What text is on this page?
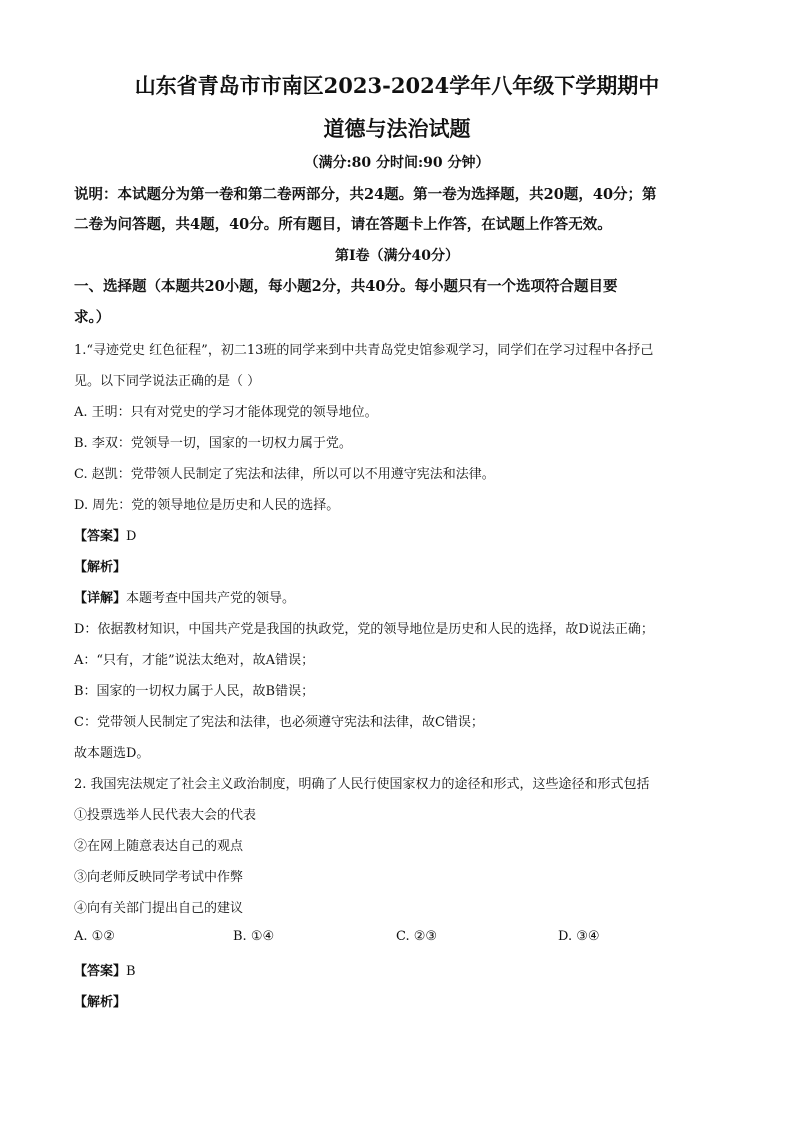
山东省青岛市市南区2023-2024学年八年级下学期期中
道德与法治试题
（满分:80 分时间:90 分钟）
说明：本试题分为第一卷和第二卷两部分，共24题。第一卷为选择题，共20题，40分；第
二卷为问答题，共4题，40分。所有题目，请在答题卡上作答，在试题上作答无效。
第Ⅰ卷（满分40分）
一、选择题（本题共20小题，每小题2分，共40分。每小题只有一个选项符合题目要
求。）
1.“寻迹党史 红色征程”，初二13班的同学来到中共青岛党史馆参观学习，同学们在学习过程中各抒己
见。以下同学说法正确的是（ ）
A. 王明：只有对党史的学习才能体现党的领导地位。
B. 李双：党领导一切，国家的一切权力属于党。
C. 赵凯：党带领人民制定了宪法和法律，所以可以不用遵守宪法和法律。
D. 周先：党的领导地位是历史和人民的选择。
【答案】D
【解析】
【详解】本题考查中国共产党的领导。
D：依据教材知识，中国共产党是我国的执政党，党的领导地位是历史和人民的选择，故D说法正确；
A：“只有，才能”说法太绝对，故A错误；
B：国家的一切权力属于人民，故B错误；
C：党带领人民制定了宪法和法律，也必须遵守宪法和法律，故C错误；
故本题选D。
2. 我国宪法规定了社会主义政治制度，明确了人民行使国家权力的途径和形式，这些途径和形式包括
①投票选举人民代表大会的代表
②在网上随意表达自己的观点
③向老师反映同学考试中作弊
④向有关部门提出自己的建议
A. ①②	B. ①④	C. ②③	D. ③④
【答案】B
【解析】
